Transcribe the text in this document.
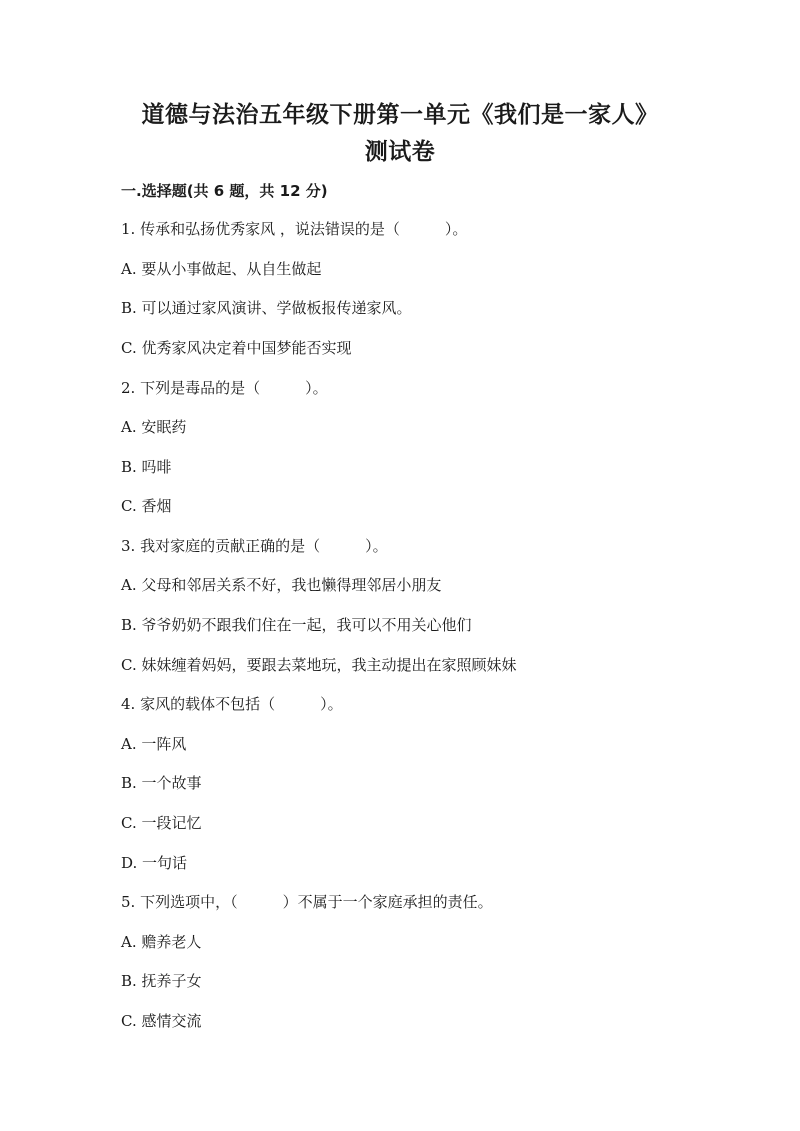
道德与法治五年级下册第一单元《我们是一家人》
测试卷
一.选择题(共 6 题，共 12 分)
1. 传承和弘扬优秀家风 ，说法错误的是（　　　）。
A. 要从小事做起、从自生做起
B. 可以通过家风演讲、学做板报传递家风。
C. 优秀家风决定着中国梦能否实现
2. 下列是毒品的是（　　　）。
A. 安眠药
B. 吗啡
C. 香烟
3. 我对家庭的贡献正确的是（　　　）。
A. 父母和邻居关系不好，我也懒得理邻居小朋友
B. 爷爷奶奶不跟我们住在一起，我可以不用关心他们
C. 妹妹缠着妈妈，要跟去菜地玩，我主动提出在家照顾妹妹
4. 家风的载体不包括（　　　）。
A. 一阵风
B. 一个故事
C. 一段记忆
D. 一句话
5. 下列选项中，（　　　）不属于一个家庭承担的责任。
A. 赡养老人
B. 抚养子女
C. 感情交流
